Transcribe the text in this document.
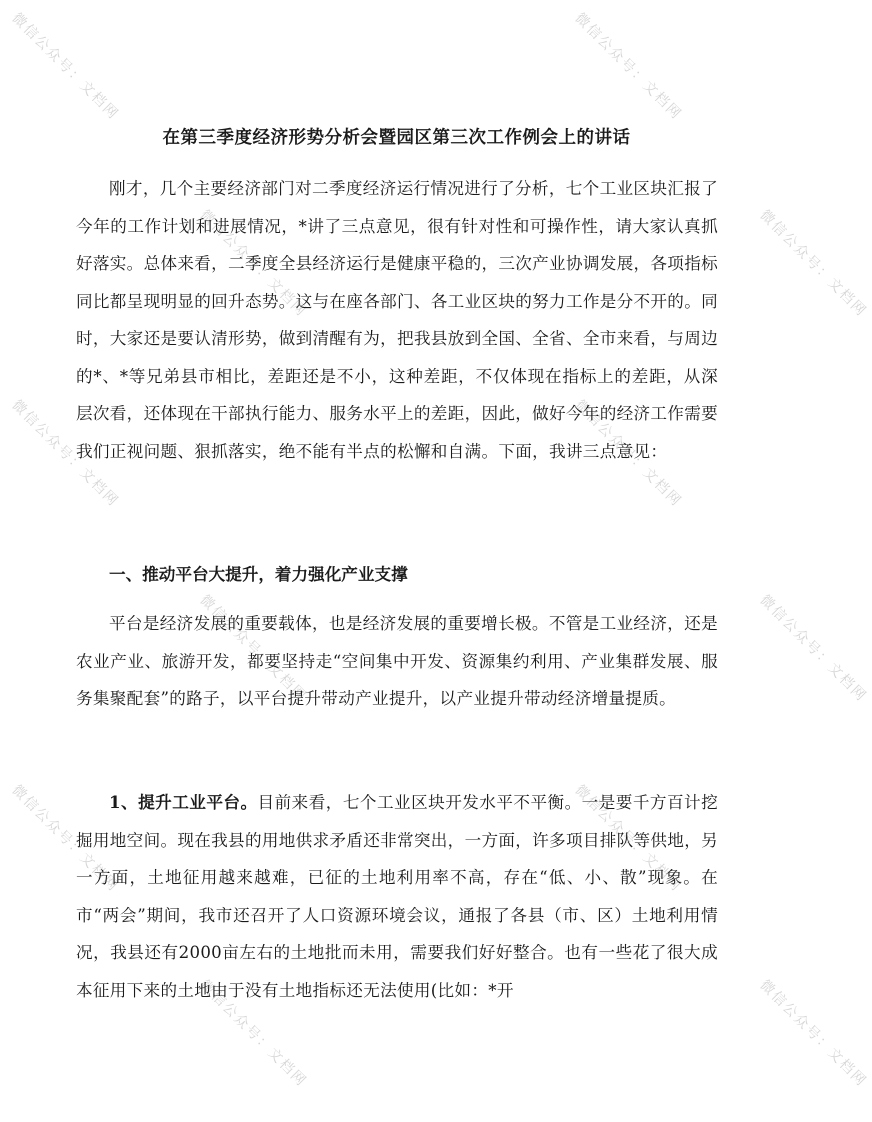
微信公众号：文档网	微信公众号：文档网
微信公众号：文档网	微信公众号：文档网
微信公众号：文档网	微信公众号：文档网
微信公众号：文档网	微信公众号：文档网
微信公众号：文档网	微信公众号：文档网
微信公众号：文档网	微信公众号：文档网
在第三季度经济形势分析会暨园区第三次工作例会上的讲话

刚才，几个主要经济部门对二季度经济运行情况进行了分析，七个工业区块汇报了今年的工作计划和进展情况，*讲了三点意见，很有针对性和可操作性，请大家认真抓好落实。总体来看，二季度全县经济运行是健康平稳的，三次产业协调发展，各项指标同比都呈现明显的回升态势。这与在座各部门、各工业区块的努力工作是分不开的。同时，大家还是要认清形势，做到清醒有为，把我县放到全国、全省、全市来看，与周边的*、*等兄弟县市相比，差距还是不小，这种差距，不仅体现在指标上的差距，从深层次看，还体现在干部执行能力、服务水平上的差距，因此，做好今年的经济工作需要我们正视问题、狠抓落实，绝不能有半点的松懈和自满。下面，我讲三点意见：

一、推动平台大提升，着力强化产业支撑

平台是经济发展的重要载体，也是经济发展的重要增长极。不管是工业经济，还是农业产业、旅游开发，都要坚持走“空间集中开发、资源集约利用、产业集群发展、服务集聚配套”的路子，以平台提升带动产业提升，以产业提升带动经济增量提质。

1、提升工业平台。目前来看，七个工业区块开发水平不平衡。一是要千方百计挖掘用地空间。现在我县的用地供求矛盾还非常突出，一方面，许多项目排队等供地，另一方面，土地征用越来越难，已征的土地利用率不高，存在“低、小、散”现象。在市“两会”期间，我市还召开了人口资源环境会议，通报了各县（市、区）土地利用情况，我县还有2000亩左右的土地批而未用，需要我们好好整合。也有一些花了很大成本征用下来的土地由于没有土地指标还无法使用(比如：*开
